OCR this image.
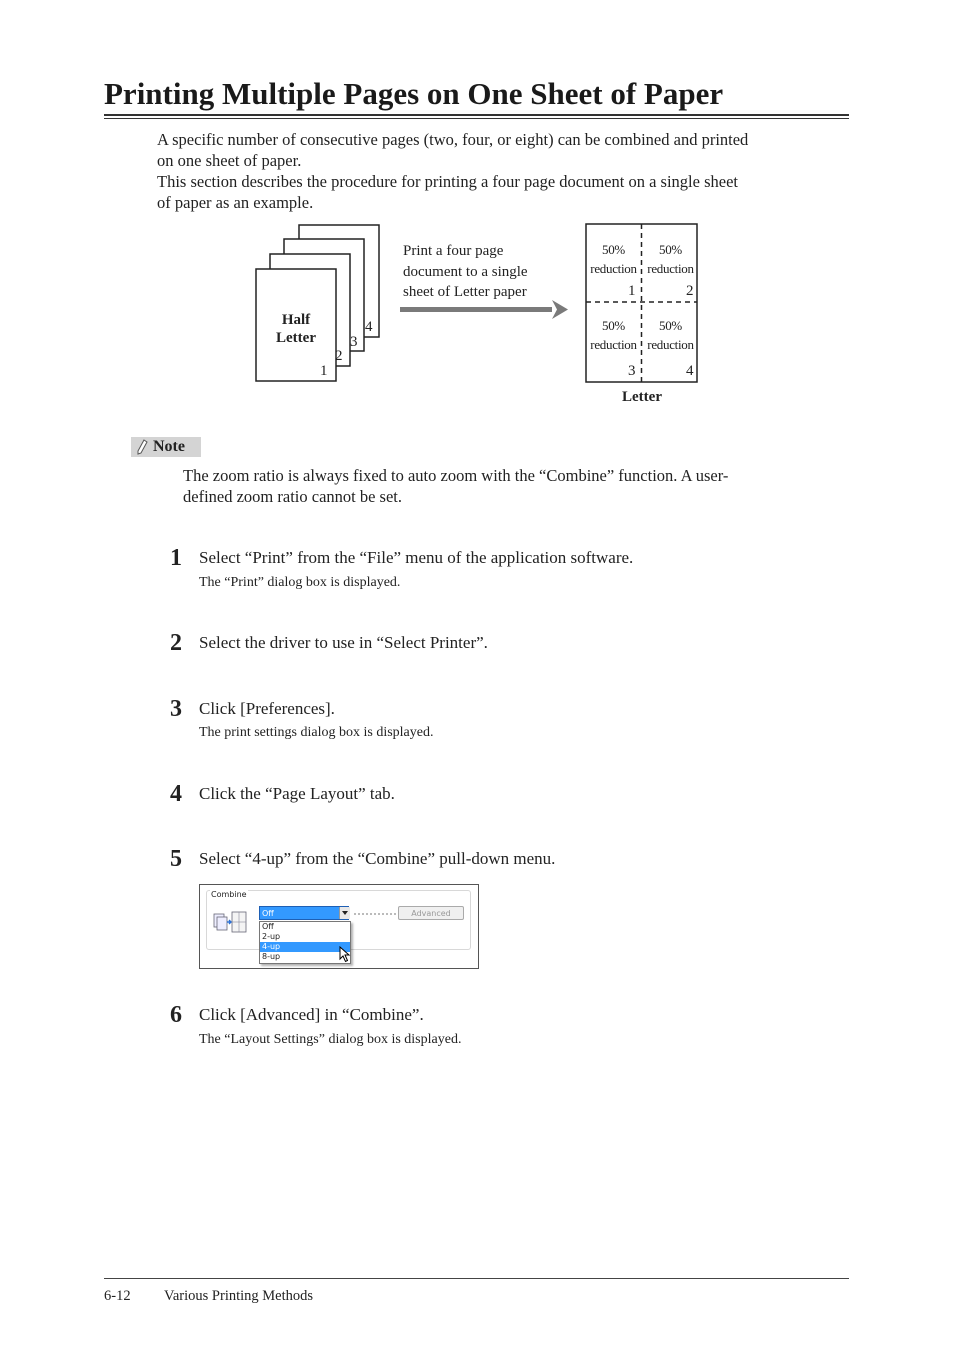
Printing Multiple Pages on One Sheet of Paper
A specific number of consecutive pages (two, four, or eight) can be combined and printed
on one sheet of paper.
This section describes the procedure for printing a four page document on a single sheet
of paper as an example.
Half
Letter
1
2
3
4
Print a four page
document to a single
sheet of Letter paper
50%
reduction
1
50%
reduction
2
50%
reduction
3
50%
reduction
4
Letter
Note
The zoom ratio is always fixed to auto zoom with the “Combine” function. A user-
defined zoom ratio cannot be set.
1 Select “Print” from the “File” menu of the application software.
The “Print” dialog box is displayed.
2 Select the driver to use in “Select Printer”.
3 Click [Preferences].
The print settings dialog box is displayed.
4 Click the “Page Layout” tab.
5 Select “4-up” from the “Combine” pull-down menu.
Combine
Off	Advanced
Off
2-up
4-up
8-up
6 Click [Advanced] in “Combine”.
The “Layout Settings” dialog box is displayed.
6-12 Various Printing Methods
